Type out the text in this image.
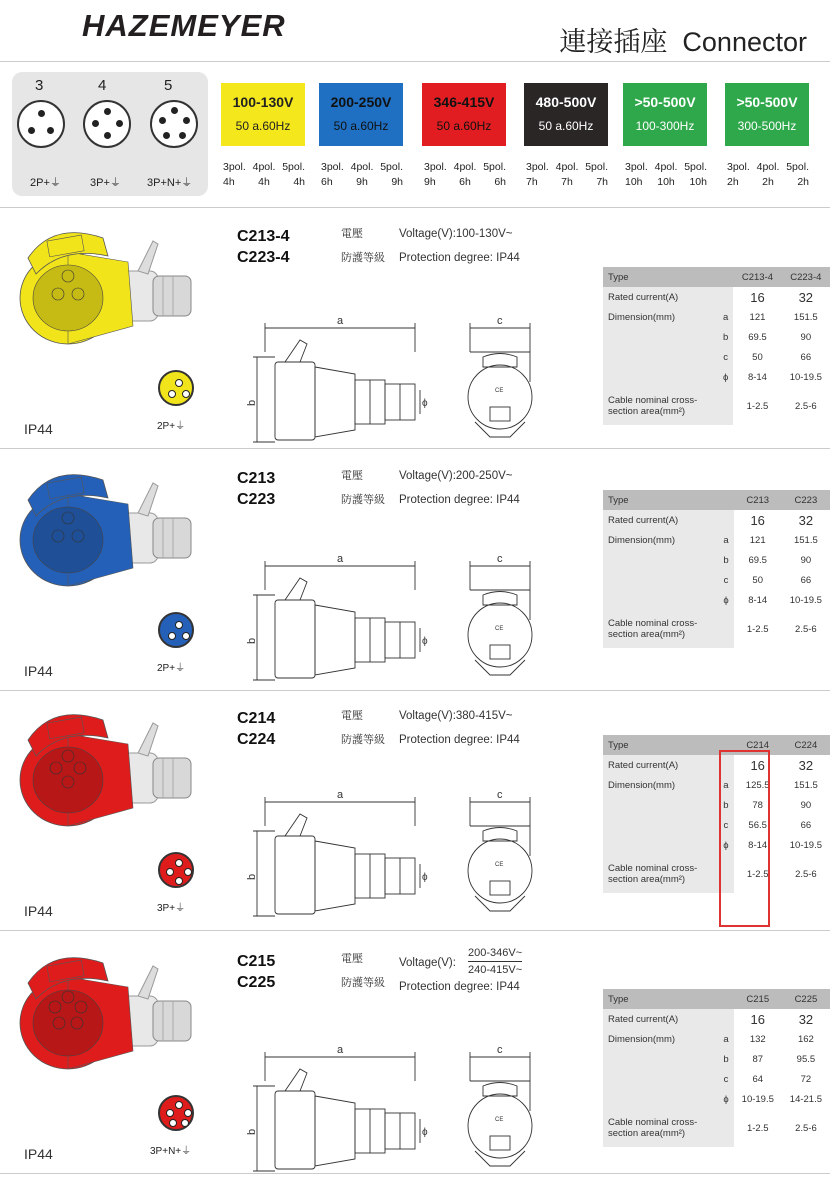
HAZEMEYER	連接插座 Connector
3	4	5
2P+⏚	3P+⏚ 3P+N+⏚
100-130V
50 a.60Hz
3pol. 4pol. 5pol.
4h 4h 4h
200-250V
50 a.60Hz
3pol. 4pol. 5pol.
6h 9h 9h
346-415V
50 a.60Hz
3pol. 4pol. 5pol.
9h 6h 6h
480-500V
50 a.60Hz
3pol. 4pol. 5pol.
7h 7h 7h
>50-500V
100-300Hz
3pol. 4pol. 5pol.
10h 10h 10h
>50-500V
300-500Hz
3pol. 4pol. 5pol.
2h 2h 2h
2P+⏚
IP44
C213-4
C223-4
電壓
防護等級
Voltage(V):100-130V~
Protection degree: IP44
a
b	ϕ
c
CE
Type		C213-4	C223-4
Rated current(A)		16	32
Dimension(mm)	a	121	151.5
	b	69.5	90
	c	50	66
	ϕ	8-14	10-19.5
Cable nominal cross-
section area(mm²)		1-2.5	2.5-6
2P+⏚
IP44
C213
C223
電壓
防護等級
Voltage(V):200-250V~
Protection degree: IP44
a
b	ϕ
c
CE
Type		C213	C223
Rated current(A)		16	32
Dimension(mm)	a	121	151.5
	b	69.5	90
	c	50	66
	ϕ	8-14	10-19.5
Cable nominal cross-
section area(mm²)		1-2.5	2.5-6
3P+⏚
IP44
C214
C224
電壓
防護等級
Voltage(V):380-415V~
Protection degree: IP44
a
b	ϕ
c
CE
Type		C214	C224
Rated current(A)		16	32
Dimension(mm)	a	125.5	151.5
	b	78	90
	c	56.5	66
	ϕ	8-14	10-19.5
Cable nominal cross-
section area(mm²)		1-2.5	2.5-6
3P+N+⏚
IP44
C215
C225
電壓
防護等級
Voltage(V):
200-346V~
240-415V~
Protection degree: IP44
a
b	ϕ
c
CE
Type		C215	C225
Rated current(A)		16	32
Dimension(mm)	a	132	162
	b	87	95.5
	c	64	72
	ϕ	10-19.5	14-21.5
Cable nominal cross-
section area(mm²)		1-2.5	2.5-6
